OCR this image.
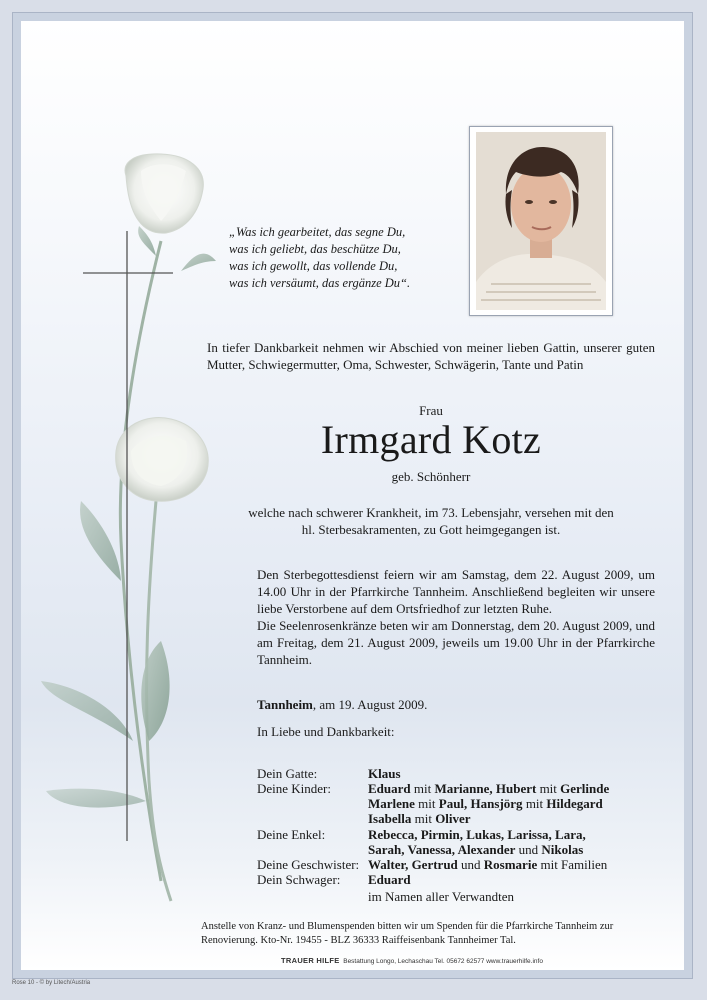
„Was ich gearbeitet, das segne Du,
was ich geliebt, das beschütze Du,
was ich gewollt, das vollende Du,
was ich versäumt, das ergänze Du“.
In tiefer Dankbarkeit nehmen wir Abschied von meiner lieben Gattin, unserer guten Mutter, Schwiegermutter, Oma, Schwester, Schwägerin, Tante und Patin
Frau
Irmgard Kotz
geb. Schönherr
welche nach schwerer Krankheit, im 73. Lebensjahr, versehen mit den
hl. Sterbesakramenten, zu Gott heimgegangen ist.
Den Sterbegottesdienst feiern wir am Samstag, dem 22. August 2009, um 14.00 Uhr in der Pfarrkirche Tannheim. Anschließend begleiten wir unsere liebe Verstorbene auf dem Ortsfriedhof zur letzten Ruhe.
Die Seelenrosenkränze beten wir am Donnerstag, dem 20. August 2009, und am Freitag, dem 21. August 2009, jeweils um 19.00 Uhr in der Pfarrkirche Tannheim.
Tannheim, am 19. August 2009.
In Liebe und Dankbarkeit:
Dein Gatte:	Klaus
Deine Kinder:	Eduard mit Marianne, Hubert mit Gerlinde
Marlene mit Paul, Hansjörg mit Hildegard
Isabella mit Oliver
Deine Enkel:	Rebecca, Pirmin, Lukas, Larissa, Lara,
Sarah, Vanessa, Alexander und Nikolas
Deine Geschwister: Walter, Gertrud und Rosmarie mit Familien
Dein Schwager: Eduard
im Namen aller Verwandten
Anstelle von Kranz- und Blumenspenden bitten wir um Spenden für die Pfarrkirche Tannheim zur
Renovierung. Kto-Nr. 19455 - BLZ 36333 Raiffeisenbank Tannheimer Tal.
TRAUER HILFE Bestattung Longo, Lechaschau Tel. 05672 62577 www.trauerhilfe.info
Rose 10 - © by Litech/Austria
